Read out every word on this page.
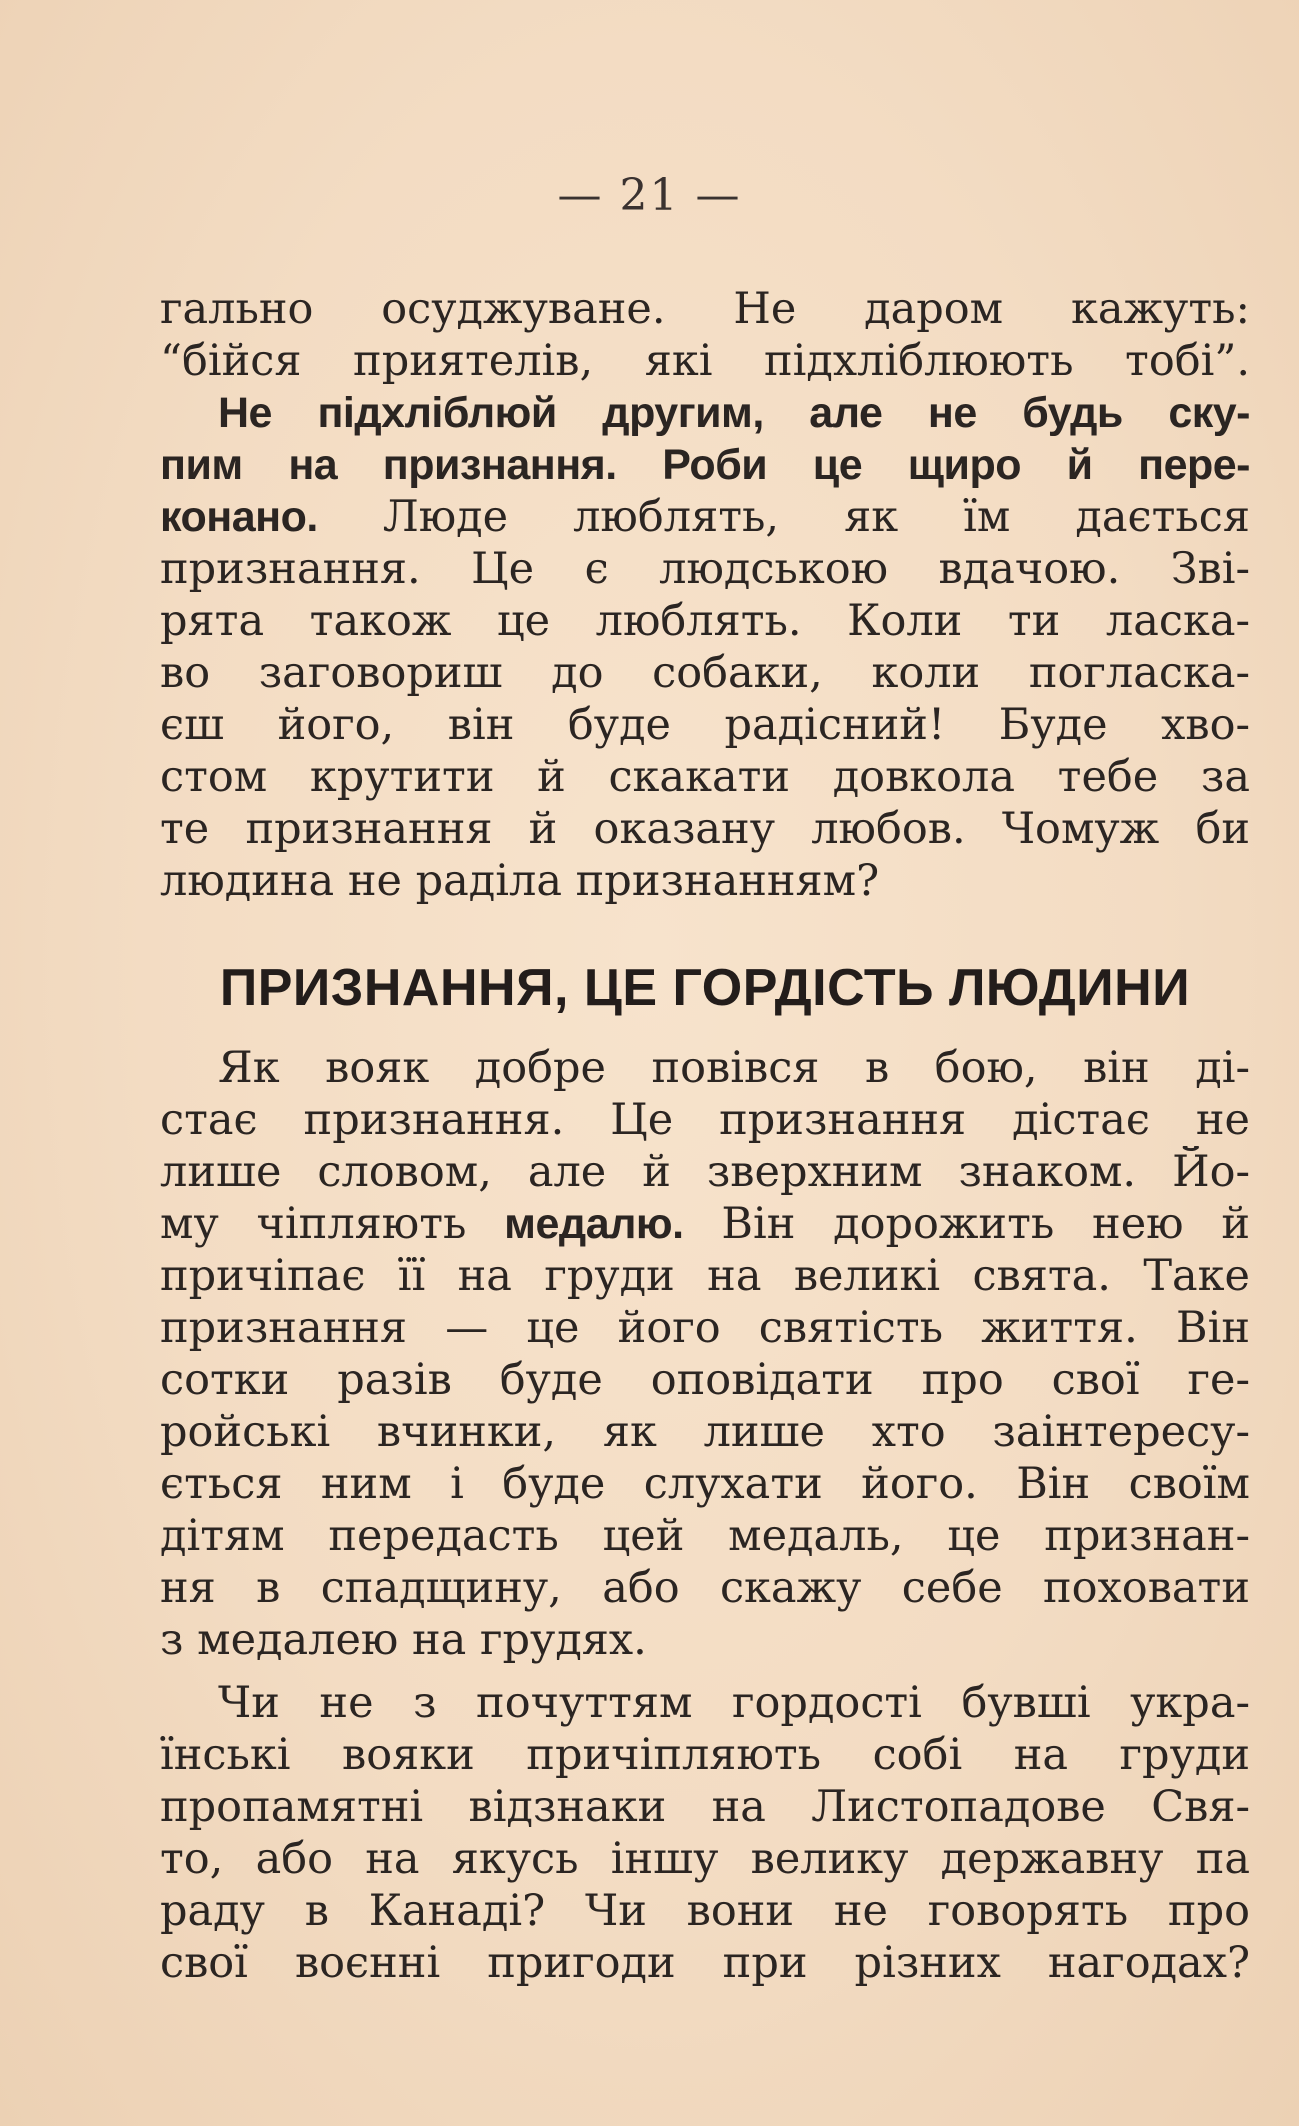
— 21 —
гально осуджуване. Не даром кажуть:
“бійся приятелів, які підхліблюють тобі”.
Не підхліблюй другим, але не будь ску-
пим на признання. Роби це щиро й пере-
конано. Люде люблять, як їм дається
признання. Це є людською вдачою. Зві-
рята також це люблять. Коли ти ласка-
во заговориш до собаки, коли погласка-
єш його, він буде радісний! Буде хво-
стом крутити й скакати довкола тебе за
те признання й оказану любов. Чомуж би
людина не раділа признанням?
ПРИЗНАННЯ, ЦЕ ГОРДІСТЬ ЛЮДИНИ
Як вояк добре повівся в бою, він ді-
стає признання. Це признання дістає не
лише словом, але й зверхним знаком. Йо-
му чіпляють медалю. Він дорожить нею й
причіпає її на груди на великі свята. Таке
признання — це його святість життя. Він
сотки разів буде оповідати про свої ге-
ройські вчинки, як лише хто заінтересу-
ється ним і буде слухати його. Він своїм
дітям передасть цей медаль, це признан-
ня в спадщину, або скажу себе поховати
з медалею на грудях.
Чи не з почуттям гордості бувші укра-
їнські вояки причіпляють собі на груди
пропамятні відзнаки на Листопадове Свя-
то, або на якусь іншу велику державну па
раду в Канаді? Чи вони не говорять про
свої воєнні пригоди при різних нагодах?
